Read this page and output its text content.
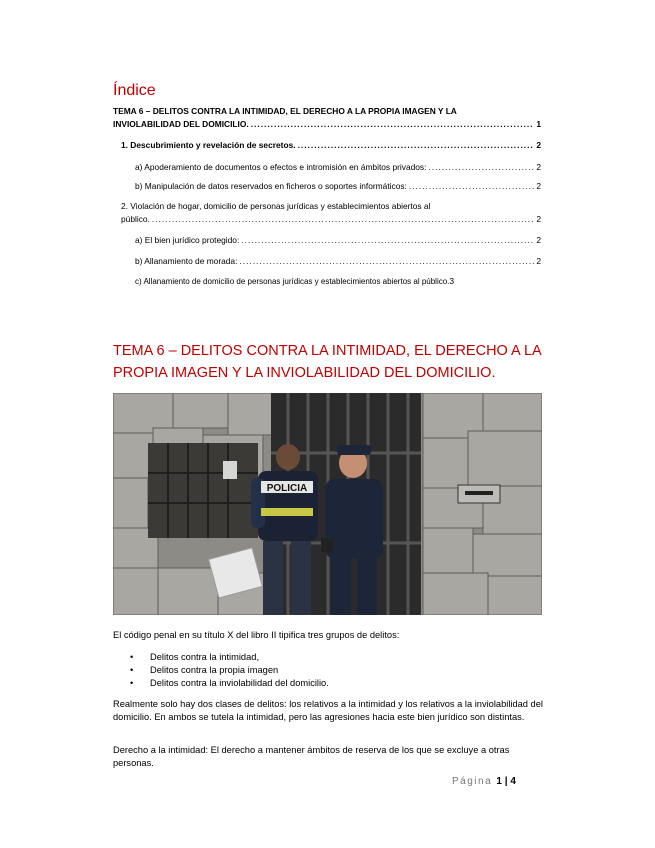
Índice
TEMA 6 – DELITOS CONTRA LA INTIMIDAD, EL DERECHO A LA PROPIA IMAGEN Y LA
INVIOLABILIDAD DEL DOMICILIO. .....	1
1. Descubrimiento y revelación de secretos. .....	2
a) Apoderamiento de documentos o efectos e intromisión en ámbitos privados: .....	2
b) Manipulación de datos reservados en ficheros o soportes informáticos: .....	2
2. Violación de hogar, domicilio de personas jurídicas y establecimientos abiertos al
público. .....	2
a) El bien jurídico protegido: .....	2
b) Allanamiento de morada: .....	2
c) Allanamiento de domicilio de personas jurídicas y establecimientos abiertos al público. 3
TEMA 6 – DELITOS CONTRA LA INTIMIDAD, EL DERECHO A LA PROPIA IMAGEN Y LA INVIOLABILIDAD DEL DOMICILIO.
POLICIA
El código penal en su título X del libro II tipifica tres grupos de delitos:
•	Delitos contra la intimidad,
•	Delitos contra la propia imagen
•	Delitos contra la inviolabilidad del domicilio.
Realmente solo hay dos clases de delitos: los relativos a la intimidad y los relativos a la inviolabilidad del domicilio. En ambos se tutela la intimidad, pero las agresiones hacia este bien jurídico son distintas.
Derecho a la intimidad: El derecho a mantener ámbitos de reserva de los que se excluye a otras personas.
Página 1 | 4
